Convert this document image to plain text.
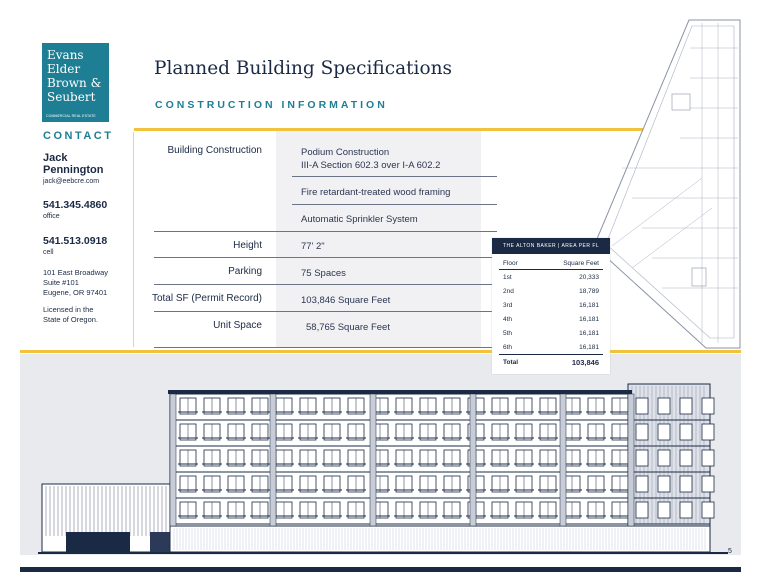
Evans
Elder
Brown &
Seubert
COMMERCIAL REAL ESTATE
CONTACT
Jack Pennington
jack@eebcre.com
541.345.4860
office
541.513.0918
cell
101 East Broadway
Suite #101
Eugene, OR 97401
Licensed in the
State of Oregon.
Planned Building Specifications
CONSTRUCTION INFORMATION
Building Construction	Podium Construction
III-A Section 602.3 over I-A 602.2
Fire retardant-treated wood framing
Automatic Sprinkler System
Height	77' 2"
Parking	75 Spaces
Total SF (Permit Record)	103,846 Square Feet
Unit Space	58,765 Square Feet
THE ALTON BAKER | AREA PER FL
Floor	Square Feet
1st	20,333
2nd	18,789
3rd	16,181
4th	16,181
5th	16,181
6th	16,181
Total	103,846
5
